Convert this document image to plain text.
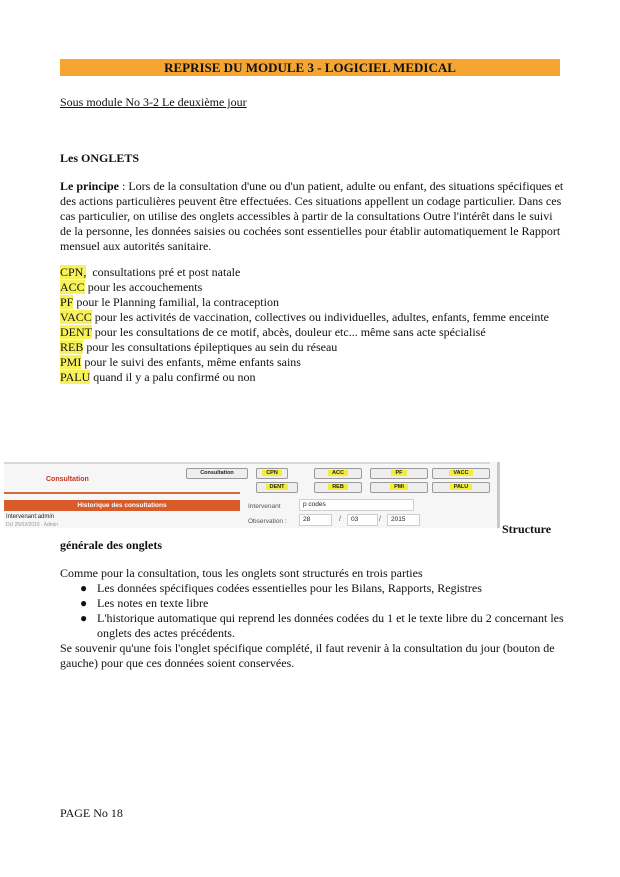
REPRISE DU MODULE 3 - LOGICIEL MEDICAL
Sous module No 3-2 Le deuxième jour
Les ONGLETS
Le principe : Lors de la consultation d'une ou d'un patient, adulte ou enfant, des situations spécifiques et des actions particulières peuvent être effectuées. Ces situations appellent un codage particulier. Dans ces cas particulier, on utilise des onglets accessibles à partir de la consultations Outre l'intérêt dans le suivi de la personne, les données saisies ou cochées sont essentielles pour établir automatiquement le Rapport mensuel aux autorités sanitaire.
CPN,  consultations pré et post natale
ACC pour les accouchements
PF pour le Planning familial, la contraception
VACC pour les activités de vaccination, collectives ou individuelles, adultes, enfants, femme enceinte
DENT pour les consultations de ce motif, abcès, douleur etc... même sans acte spécialisé
REB pour les consultations épileptiques au sein du réseau
PMI pour le suivi des enfants, même enfants sains
PALU quand il y a palu confirmé ou non
Consultation
Historique des consultations
Intervenant:admin
DU 25/03/2015 · Admin
Consultation	CPN	ACC	PF	VACC
DENT	REB	PMI	PALU
Intervenant	p codes
Observation :	28	/	03	/	2015
Structure
générale des onglets
Comme pour la consultation, tous les onglets sont structurés en trois parties
● Les données spécifiques codées essentielles pour les Bilans, Rapports, Registres
● Les notes en texte libre
● L'historique automatique qui reprend les données codées du 1 et le texte libre du 2 concernant les onglets des actes précédents.
Se souvenir qu'une fois l'onglet spécifique complété, il faut revenir à la consultation du jour (bouton de gauche) pour que ces données soient conservées.
PAGE No 18
